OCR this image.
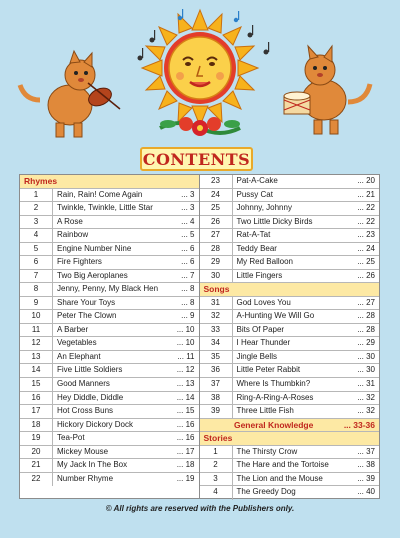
CONTENTS
Rhymes
1	Rain, Rain! Come Again	... 3
2	Twinkle, Twinkle, Little Star	... 3
3	A Rose	... 4
4	Rainbow	... 5
5	Engine Number Nine	... 6
6	Fire Fighters	... 6
7	Two Big Aeroplanes	... 7
8	Jenny, Penny, My Black Hen	... 8
9	Share Your Toys	... 8
10	Peter The Clown	... 9
11	A Barber	... 10
12	Vegetables	... 10
13	An Elephant	... 11
14	Five Little Soldiers	... 12
15	Good Manners	... 13
16	Hey Diddle, Diddle	... 14
17	Hot Cross Buns	... 15
18	Hickory Dickory Dock	... 16
19	Tea-Pot	... 16
20	Mickey Mouse	... 17
21	My Jack In The Box	... 18
22	Number Rhyme	... 19
23	Pat-A-Cake	... 20
24	Pussy Cat	... 21
25	Johnny, Johnny	... 22
26	Two Little Dicky Birds	... 22
27	Rat-A-Tat	... 23
28	Teddy Bear	... 24
29	My Red Balloon	... 25
30	Little Fingers	... 26
Songs
31	God Loves You	... 27
32	A-Hunting We Will Go	... 28
33	Bits Of Paper	... 28
34	I Hear Thunder	... 29
35	Jingle Bells	... 30
36	Little Peter Rabbit	... 30
37	Where Is Thumbkin?	... 31
38	Ring-A-Ring-A-Roses	... 32
39	Three Little Fish	... 32
General Knowledge	... 33-36
Stories
1	The Thirsty Crow	... 37
2	The Hare and the Tortoise	... 38
3	The Lion and the Mouse	... 39
4	The Greedy Dog	... 40
© All rights are reserved with the Publishers only.
